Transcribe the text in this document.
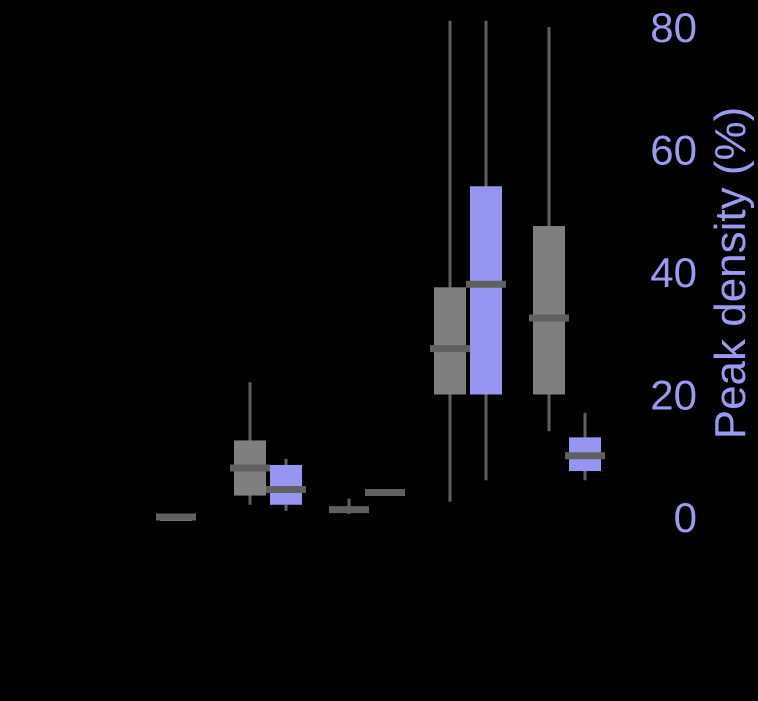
0
20
40
60
80
Peak density (%)
